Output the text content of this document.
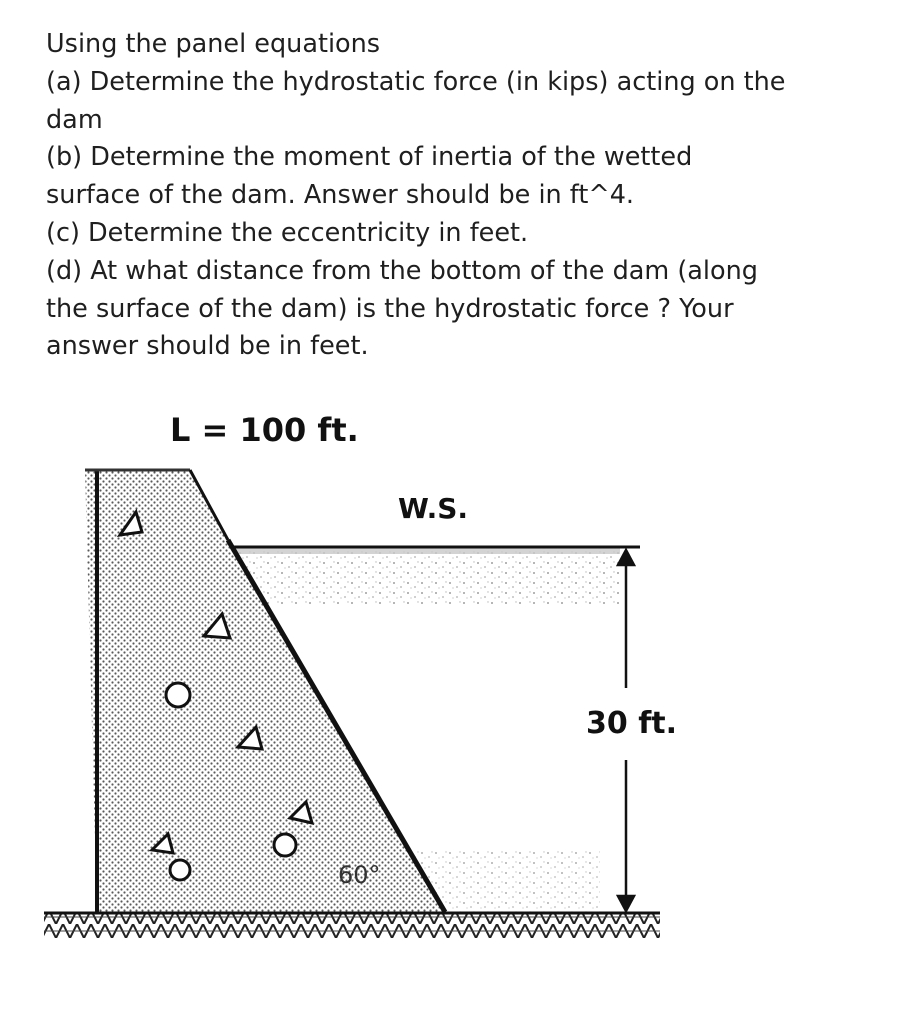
Using the panel equations

(a) Determine the hydrostatic force (in kips) acting on the

dam

(b) Determine the moment of inertia of the wetted

surface of the dam. Answer should be in ft^4.

(c) Determine the eccentricity in feet.

(d) At what distance from the bottom of the dam (along

the surface of the dam) is the hydrostatic force ? Your

answer should be in feet.

L = 100 ft.
W.S.
30 ft.
60°
